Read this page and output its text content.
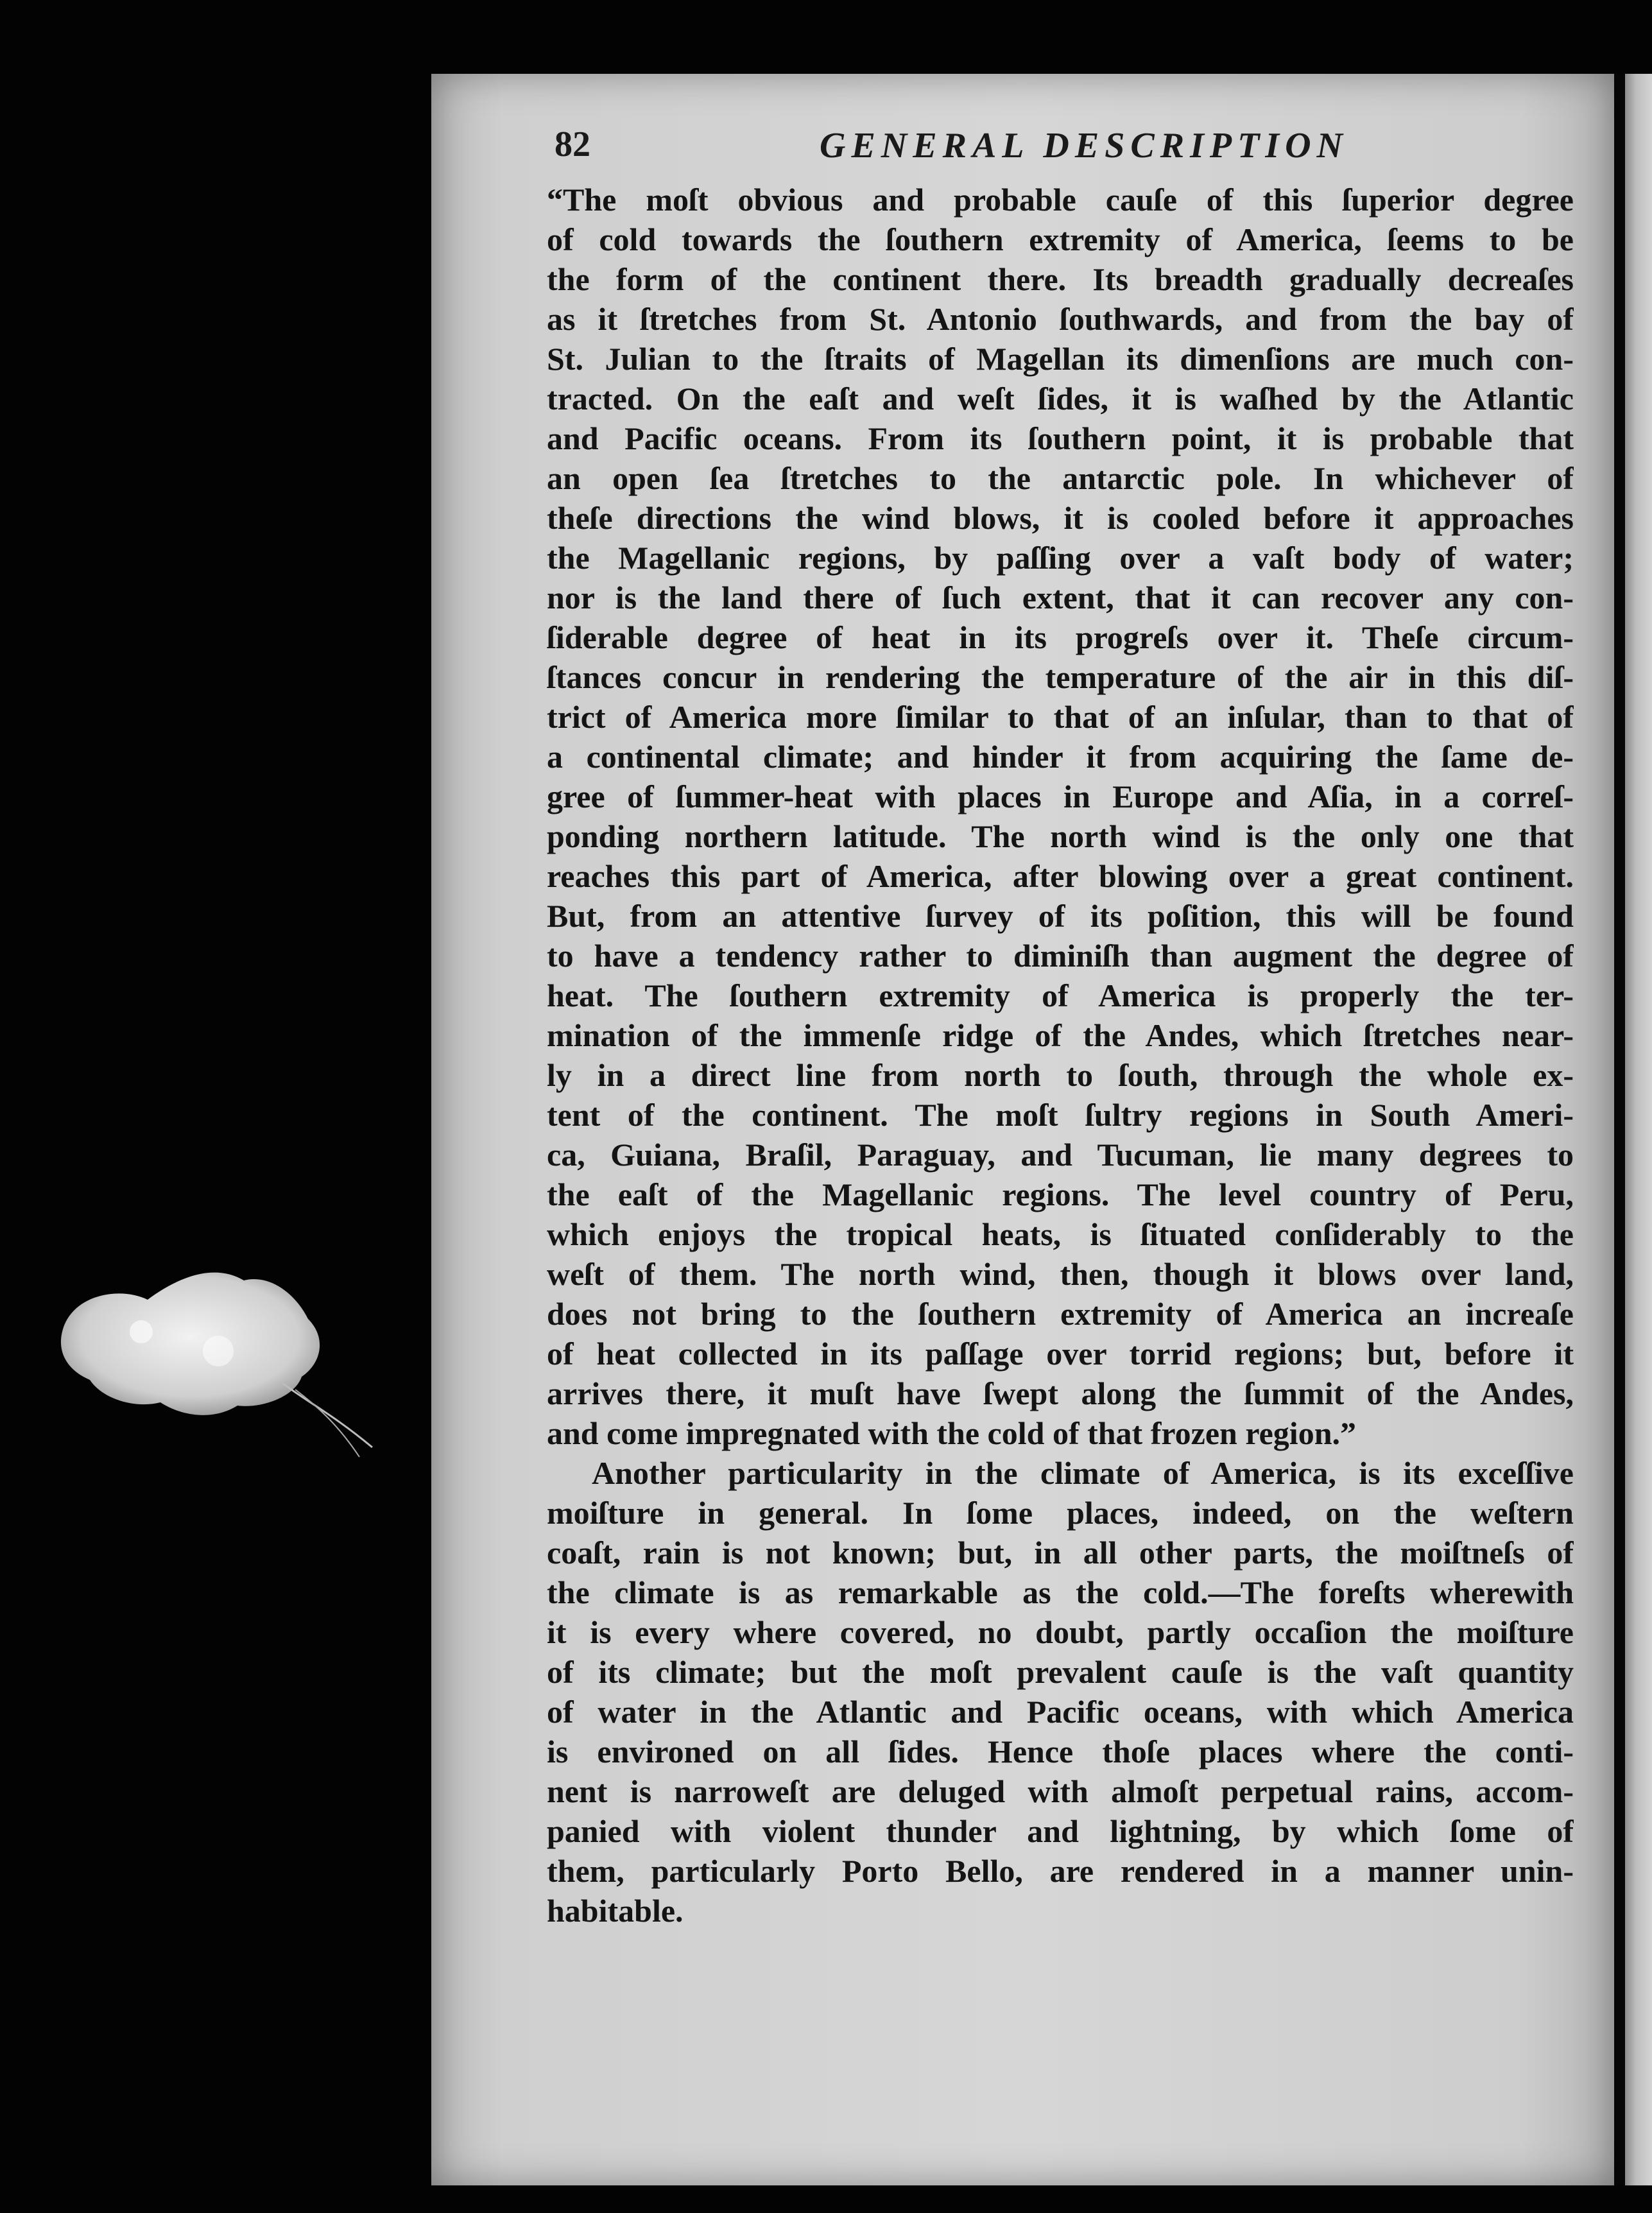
82	GENERAL DESCRIPTION
“The moſt obvious and probable cauſe of this ſuperior degree
of cold towards the ſouthern extremity of America, ſeems to be
the form of the continent there. Its breadth gradually decreaſes
as it ſtretches from St. Antonio ſouthwards, and from the bay of
St. Julian to the ſtraits of Magellan its dimenſions are much con-
tracted. On the eaſt and weſt ſides, it is waſhed by the Atlantic
and Pacific oceans. From its ſouthern point, it is probable that
an open ſea ſtretches to the antarctic pole. In whichever of
theſe directions the wind blows, it is cooled before it approaches
the Magellanic regions, by paſſing over a vaſt body of water;
nor is the land there of ſuch extent, that it can recover any con-
ſiderable degree of heat in its progreſs over it. Theſe circum-
ſtances concur in rendering the temperature of the air in this diſ-
trict of America more ſimilar to that of an inſular, than to that of
a continental climate; and hinder it from acquiring the ſame de-
gree of ſummer-heat with places in Europe and Aſia, in a correſ-
ponding northern latitude. The north wind is the only one that
reaches this part of America, after blowing over a great continent.
But, from an attentive ſurvey of its poſition, this will be found
to have a tendency rather to diminiſh than augment the degree of
heat. The ſouthern extremity of America is properly the ter-
mination of the immenſe ridge of the Andes, which ſtretches near-
ly in a direct line from north to ſouth, through the whole ex-
tent of the continent. The moſt ſultry regions in South Ameri-
ca, Guiana, Braſil, Paraguay, and Tucuman, lie many degrees to
the eaſt of the Magellanic regions. The level country of Peru,
which enjoys the tropical heats, is ſituated conſiderably to the
weſt of them. The north wind, then, though it blows over land,
does not bring to the ſouthern extremity of America an increaſe
of heat collected in its paſſage over torrid regions; but, before it
arrives there, it muſt have ſwept along the ſummit of the Andes,
and come impregnated with the cold of that frozen region.”
Another particularity in the climate of America, is its exceſſive
moiſture in general. In ſome places, indeed, on the weſtern
coaſt, rain is not known; but, in all other parts, the moiſtneſs of
the climate is as remarkable as the cold.—The foreſts wherewith
it is every where covered, no doubt, partly occaſion the moiſture
of its climate; but the moſt prevalent cauſe is the vaſt quantity
of water in the Atlantic and Pacific oceans, with which America
is environed on all ſides. Hence thoſe places where the conti-
nent is narroweſt are deluged with almoſt perpetual rains, accom-
panied with violent thunder and lightning, by which ſome of
them, particularly Porto Bello, are rendered in a manner unin-
habitable.
